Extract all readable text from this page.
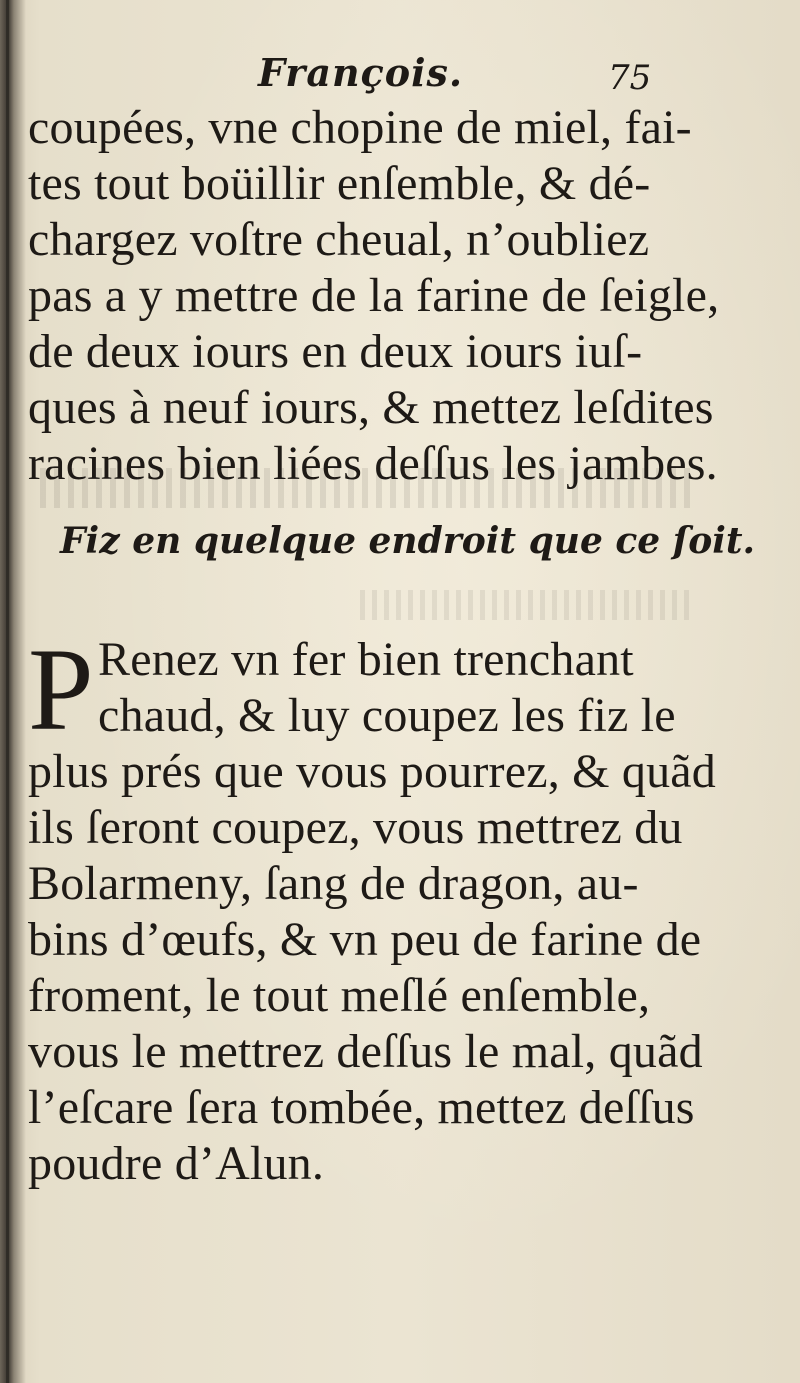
François.	75
coupées, vne chopine de miel, fai-
tes tout boüillir enſemble, & dé-
chargez voſtre cheual, n’oubliez
pas a y mettre de la farine de ſeigle,
de deux iours en deux iours iuſ-
ques à neuf iours, & mettez leſdites
racines bien liées deſſus les jambes.
Fiz en quelque endroit que ce ſoit.
P Renez vn fer bien trenchant
chaud, & luy coupez les fiz le
plus prés que vous pourrez, & quãd
ils ſeront coupez, vous mettrez du
Bolarmeny, ſang de dragon, au-
bins d’œufs, & vn peu de farine de
froment, le tout meſlé enſemble,
vous le mettrez deſſus le mal, quãd
l’eſcare ſera tombée, mettez deſſus
poudre d’Alun.
